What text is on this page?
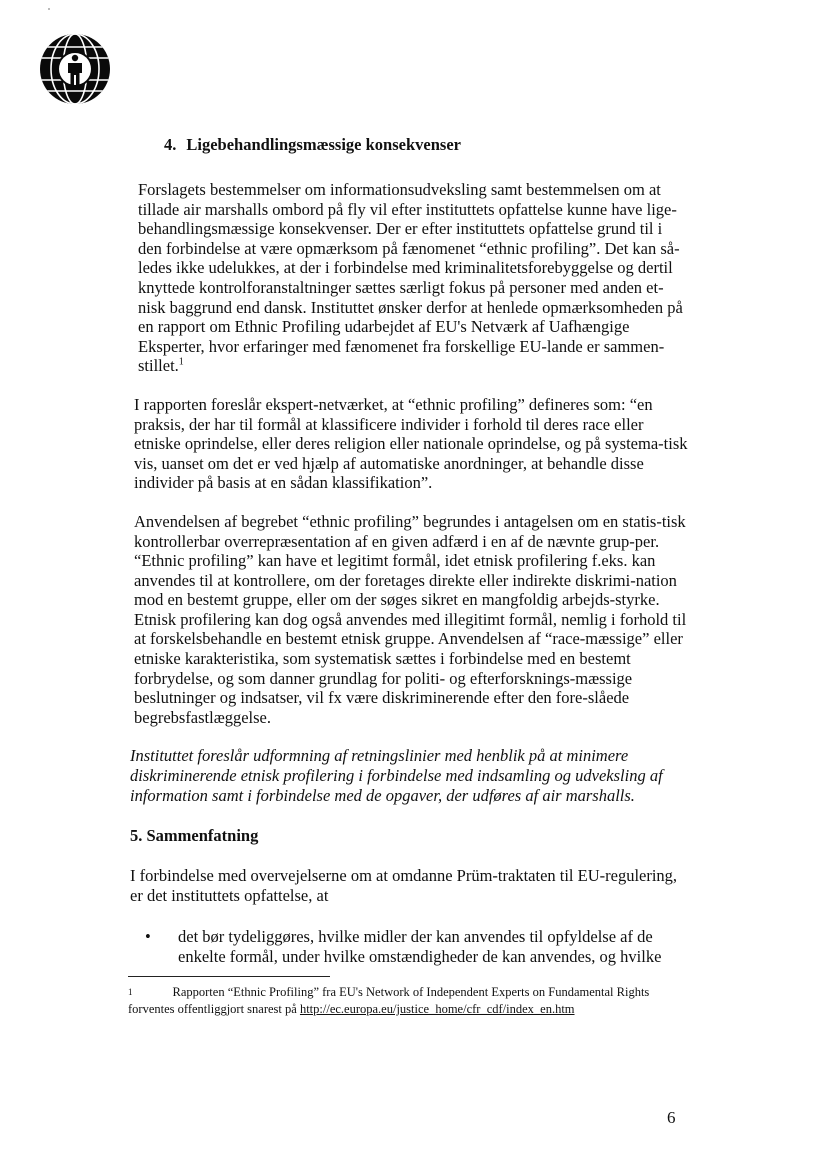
4. Ligebehandlingsmæssige konsekvenser

Forslagets bestemmelser om informationsudveksling samt bestemmelsen om at tillade air marshalls ombord på fly vil efter instituttets opfattelse kunne have lige-behandlingsmæssige konsekvenser. Der er efter instituttets opfattelse grund til i den forbindelse at være opmærksom på fænomenet “ethnic profiling”. Det kan så-ledes ikke udelukkes, at der i forbindelse med kriminalitetsforebyggelse og dertil knyttede kontrolforanstaltninger sættes særligt fokus på personer med anden et-nisk baggrund end dansk. Instituttet ønsker derfor at henlede opmærksomheden på en rapport om Ethnic Profiling udarbejdet af EU's Netværk af Uafhængige Eksperter, hvor erfaringer med fænomenet fra forskellige EU-lande er sammen-stillet.$^1$

I rapporten foreslår ekspert-netværket, at “ethnic profiling” defineres som: “en praksis, der har til formål at klassificere individer i forhold til deres race eller etniske oprindelse, eller deres religion eller nationale oprindelse, og på systema-tisk vis, uanset om det er ved hjælp af automatiske anordninger, at behandle disse individer på basis at en sådan klassifikation”.

Anvendelsen af begrebet “ethnic profiling” begrundes i antagelsen om en statis-tisk kontrollerbar overrepræsentation af en given adfærd i en af de nævnte grup-per. “Ethnic profiling” kan have et legitimt formål, idet etnisk profilering f.eks. kan anvendes til at kontrollere, om der foretages direkte eller indirekte diskrimi-nation mod en bestemt gruppe, eller om der søges sikret en mangfoldig arbejds-styrke. Etnisk profilering kan dog også anvendes med illegitimt formål, nemlig i forhold til at forskelsbehandle en bestemt etnisk gruppe. Anvendelsen af “race-mæssige” eller etniske karakteristika, som systematisk sættes i forbindelse med en bestemt forbrydelse, og som danner grundlag for politi- og efterforsknings-mæssige beslutninger og indsatser, vil fx være diskriminerende efter den fore-slåede begrebsfastlæggelse.

Instituttet foreslår udformning af retningslinier med henblik på at minimere diskriminerende etnisk profilering i forbindelse med indsamling og udveksling af information samt i forbindelse med de opgaver, der udføres af air marshalls.

5. Sammenfatning

I forbindelse med overvejelserne om at omdanne Prüm-traktaten til EU-regulering, er det instituttets opfattelse, at

• det bør tydeliggøres, hvilke midler der kan anvendes til opfyldelse af de enkelte formål, under hvilke omstændigheder de kan anvendes, og hvilke
$^1$	Rapporten “Ethnic Profiling” fra EU's Network of Independent Experts on Fundamental Rights forventes offentliggjort snarest på http://ec.europa.eu/justice_home/cfr_cdf/index_en.htm
6
